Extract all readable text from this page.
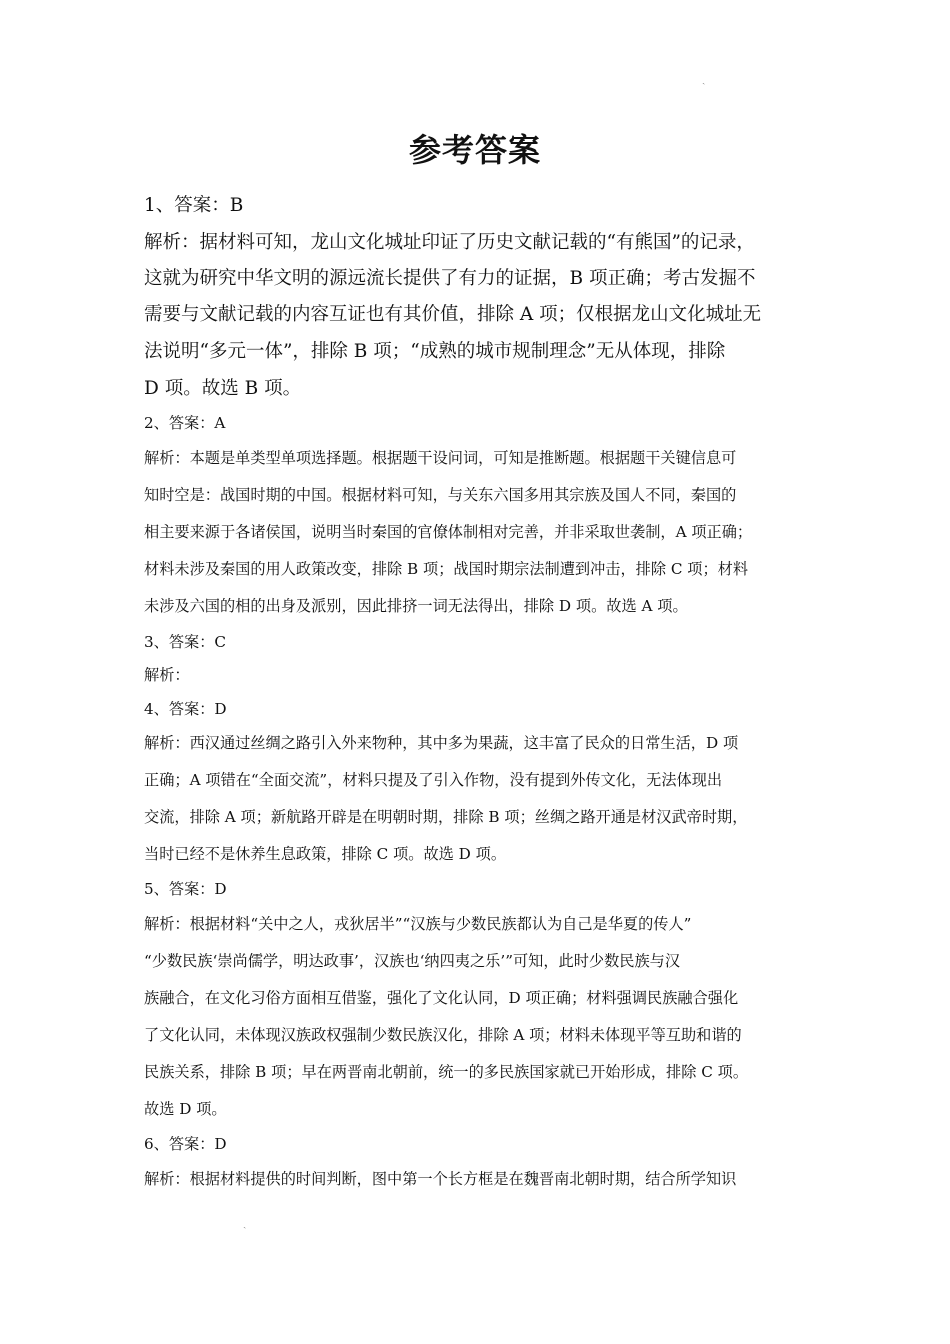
ˎ
参考答案
1、答案：B
解析：据材料可知，龙山文化城址印证了历史文献记载的“有熊国”的记录，
这就为研究中华文明的源远流长提供了有力的证据，B 项正确；考古发掘不
需要与文献记载的内容互证也有其价值，排除 A 项；仅根据龙山文化城址无
法说明“多元一体”，排除 B 项；“成熟的城市规制理念”无从体现，排除
D 项。故选 B 项。
2、答案：A
解析：本题是单类型单项选择题。根据题干设问词，可知是推断题。根据题干关键信息可
知时空是：战国时期的中国。根据材料可知，与关东六国多用其宗族及国人不同，秦国的
相主要来源于各诸侯国，说明当时秦国的官僚体制相对完善，并非采取世袭制，A 项正确；
材料未涉及秦国的用人政策改变，排除 B 项；战国时期宗法制遭到冲击，排除 C 项；材料
未涉及六国的相的出身及派别，因此排挤一词无法得出，排除 D 项。故选 A 项。
3、答案：C
解析：
4、答案：D
解析：西汉通过丝绸之路引入外来物种，其中多为果蔬，这丰富了民众的日常生活，D 项
正确；A 项错在“全面交流”，材料只提及了引入作物，没有提到外传文化，无法体现出
交流，排除 A 项；新航路开辟是在明朝时期，排除 B 项；丝绸之路开通是材汉武帝时期，
当时已经不是休养生息政策，排除 C 项。故选 D 项。
5、答案：D
解析：根据材料“关中之人，戎狄居半”“汉族与少数民族都认为自己是华夏的传人”
“少数民族‘崇尚儒学，明达政事’，汉族也‘纳四夷之乐’”可知，此时少数民族与汉
族融合，在文化习俗方面相互借鉴，强化了文化认同，D 项正确；材料强调民族融合强化
了文化认同，未体现汉族政权强制少数民族汉化，排除 A 项；材料未体现平等互助和谐的
民族关系，排除 B 项；早在两晋南北朝前，统一的多民族国家就已开始形成，排除 C 项。
故选 D 项。
6、答案：D
解析：根据材料提供的时间判断，图中第一个长方框是在魏晋南北朝时期，结合所学知识
ˎ
